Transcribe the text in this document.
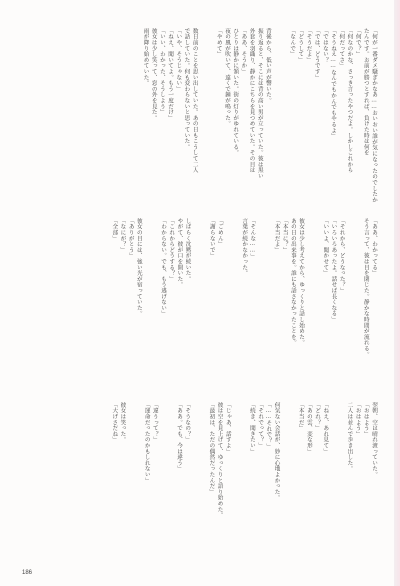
「何が一番ダメ騒ぎかなあ……おいおい誰が気になったのでしたか
たんです。お前が勝つとすれば、負けた時は何を
「何で？」
「何なのかな、さっき言ったやつだよ。しかしこれから
「何だってさ」
「そうねえ……なんでもかんでもやるよ」
「ではない？
「では、どうです」
「そうだよ」
「どうして」
「なんで」
背後から、低い声が響いた。
振り返ると、そこには背の高い男が立っていた。彼は黒い
外套を羽織り、静かにこちらを見つめていた。その目は
「ああ、そうか」
ひとりは静かに頷いた。街の灯りがゆれている。
夜の風が吹いて、遠くで鐘が鳴った。
「やめて」
数日前のことを思い出していた。あの日もこうして二人
で話していた。何も変わらないと思っていた。
「いや、そうじゃない」
「ねえ、聞いてよ。もう一度だけ」
「いい、わかった、そうしよう」
彼女は少し笑って、窓の外を見た。
雨が降り始めていた。
「ああ、わかってる」
そう言って、彼は目を閉じた。静かな時間が流れる。
「それから、どうなった？」
「いろいろあったよ。話せば長くなる」
「いいよ、聞かせて」
彼女は少し考えてから、ゆっくりと話し始めた。
あの日の出来事を。誰にも話さなかったことを。
「本当に？」
「本当だよ」
「そんな……」
言葉が続かなかった。
「ごめん」
「謝らないで」
しばらく沈黙が続いた。
やがて、彼が口を開いた。
「これからどうする？」
「わからない。でも、もう逃げない」
彼女の目には、強い光が宿っていた。
「ありがとう」
「なにが？」
「全部」
翌朝、空は晴れ渡っていた。
「おはよう」
「おはよう」
二人は並んで歩き出した。
「ねえ、あれ見て」
「どれ？」
「あの雲、変な形」
「本当だ」
何気ない会話が、妙に心地よかった。
「……それで？」
「それでって？」
「続き、聞きたい」
「じゃあ、話すよ」
彼は空を見上げて、ゆっくりと語り始めた。
「最初は、ただの偶然だったんだ」
「そうなの？」
「ああ。でも、今は違う」
「違うって？」
「運命だったのかもしれない」
彼女は笑った。
「大げさだね」
186
